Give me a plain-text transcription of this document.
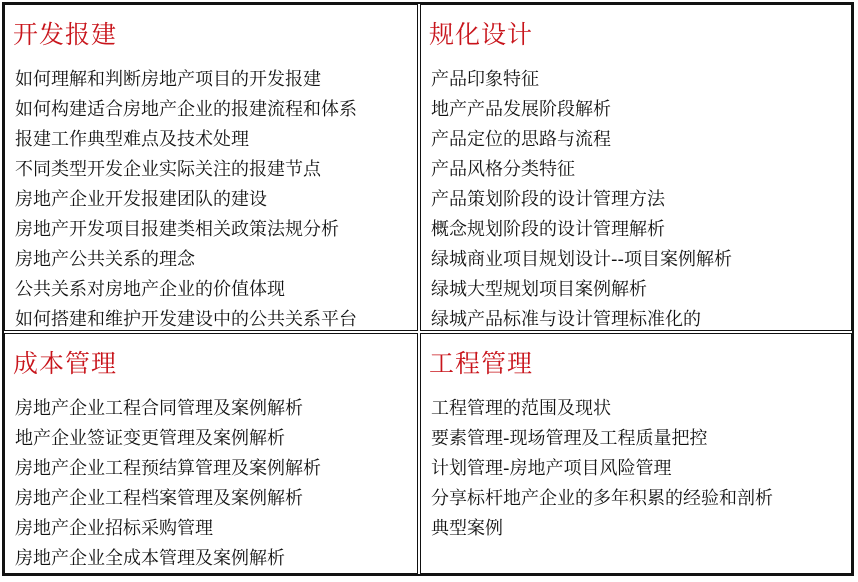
开发报建
如何理解和判断房地产项目的开发报建
如何构建适合房地产企业的报建流程和体系
报建工作典型难点及技术处理
不同类型开发企业实际关注的报建节点
房地产企业开发报建团队的建设
房地产开发项目报建类相关政策法规分析
房地产公共关系的理念
公共关系对房地产企业的价值体现
如何搭建和维护开发建设中的公共关系平台
规化设计
产品印象特征
地产产品发展阶段解析
产品定位的思路与流程
产品风格分类特征
产品策划阶段的设计管理方法
概念规划阶段的设计管理解析
绿城商业项目规划设计--项目案例解析
绿城大型规划项目案例解析
绿城产品标准与设计管理标准化的
成本管理
房地产企业工程合同管理及案例解析
地产企业签证变更管理及案例解析
房地产企业工程预结算管理及案例解析
房地产企业工程档案管理及案例解析
房地产企业招标采购管理
房地产企业全成本管理及案例解析
工程管理
工程管理的范围及现状
要素管理-现场管理及工程质量把控
计划管理-房地产项目风险管理
分享标杆地产企业的多年积累的经验和剖析
典型案例
